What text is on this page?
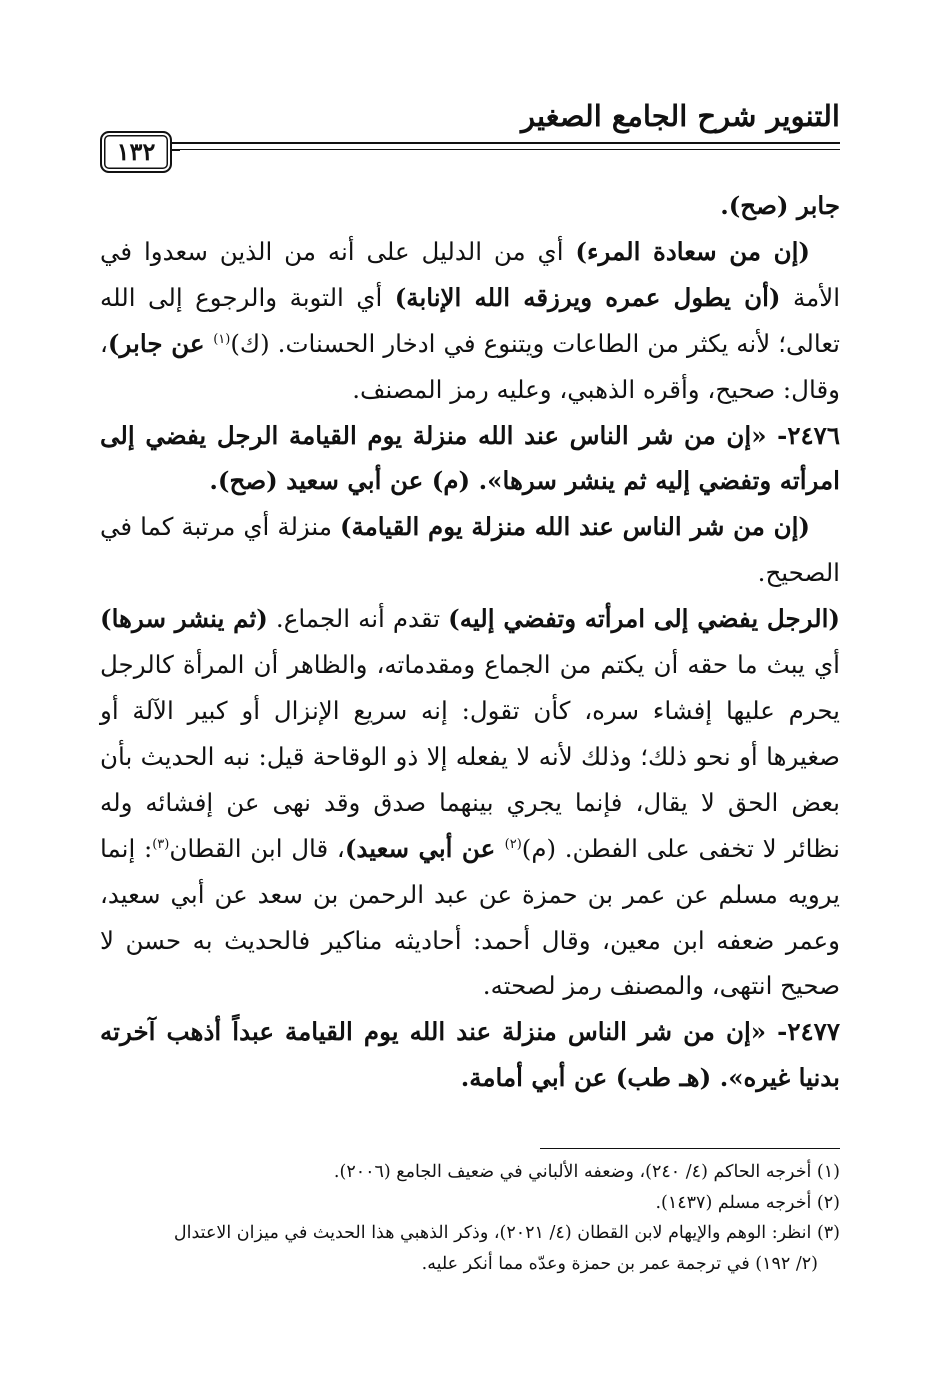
التنوير شرح الجامع الصغير
١٣٢

جابر (صح).

(إن من سعادة المرء) أي من الدليل على أنه من الذين سعدوا في الأمة (أن يطول عمره ويرزقه الله الإنابة) أي التوبة والرجوع إلى الله تعالى؛ لأنه يكثر من الطاعات ويتنوع في ادخار الحسنات. (ك)$^{(١)}$ عن جابر)، وقال: صحيح، وأقره الذهبي، وعليه رمز المصنف.

٢٤٧٦- «إن من شر الناس عند الله منزلة يوم القيامة الرجل يفضي إلى امرأته وتفضي إليه ثم ينشر سرها». (م) عن أبي سعيد (صح).

(إن من شر الناس عند الله منزلة يوم القيامة) منزلة أي مرتبة كما في الصحيح.

(الرجل يفضي إلى امرأته وتفضي إليه) تقدم أنه الجماع. (ثم ينشر سرها) أي يبث ما حقه أن يكتم من الجماع ومقدماته، والظاهر أن المرأة كالرجل يحرم عليها إفشاء سره، كأن تقول: إنه سريع الإنزال أو كبير الآلة أو صغيرها أو نحو ذلك؛ وذلك لأنه لا يفعله إلا ذو الوقاحة قيل: نبه الحديث بأن بعض الحق لا يقال، فإنما يجري بينهما صدق وقد نهى عن إفشائه وله نظائر لا تخفى على الفطن. (م)$^{(٢)}$ عن أبي سعيد)، قال ابن القطان$^{(٣)}$: إنما يرويه مسلم عن عمر بن حمزة عن عبد الرحمن بن سعد عن أبي سعيد، وعمر ضعفه ابن معين، وقال أحمد: أحاديثه مناكير فالحديث به حسن لا صحيح انتهى، والمصنف رمز لصحته.

٢٤٧٧- «إن من شر الناس منزلة عند الله يوم القيامة عبداً أذهب آخرته بدنيا غيره». (هـ طب) عن أبي أمامة.

(١) أخرجه الحاكم (٤/ ٢٤٠)، وضعفه الألباني في ضعيف الجامع (٢٠٠٦).

(٢) أخرجه مسلم (١٤٣٧).

(٣) انظر: الوهم والإيهام لابن القطان (٤/ ٢٠٢١)، وذكر الذهبي هذا الحديث في ميزان الاعتدال

(٢/ ١٩٢) في ترجمة عمر بن حمزة وعدّه مما أنكر عليه.
